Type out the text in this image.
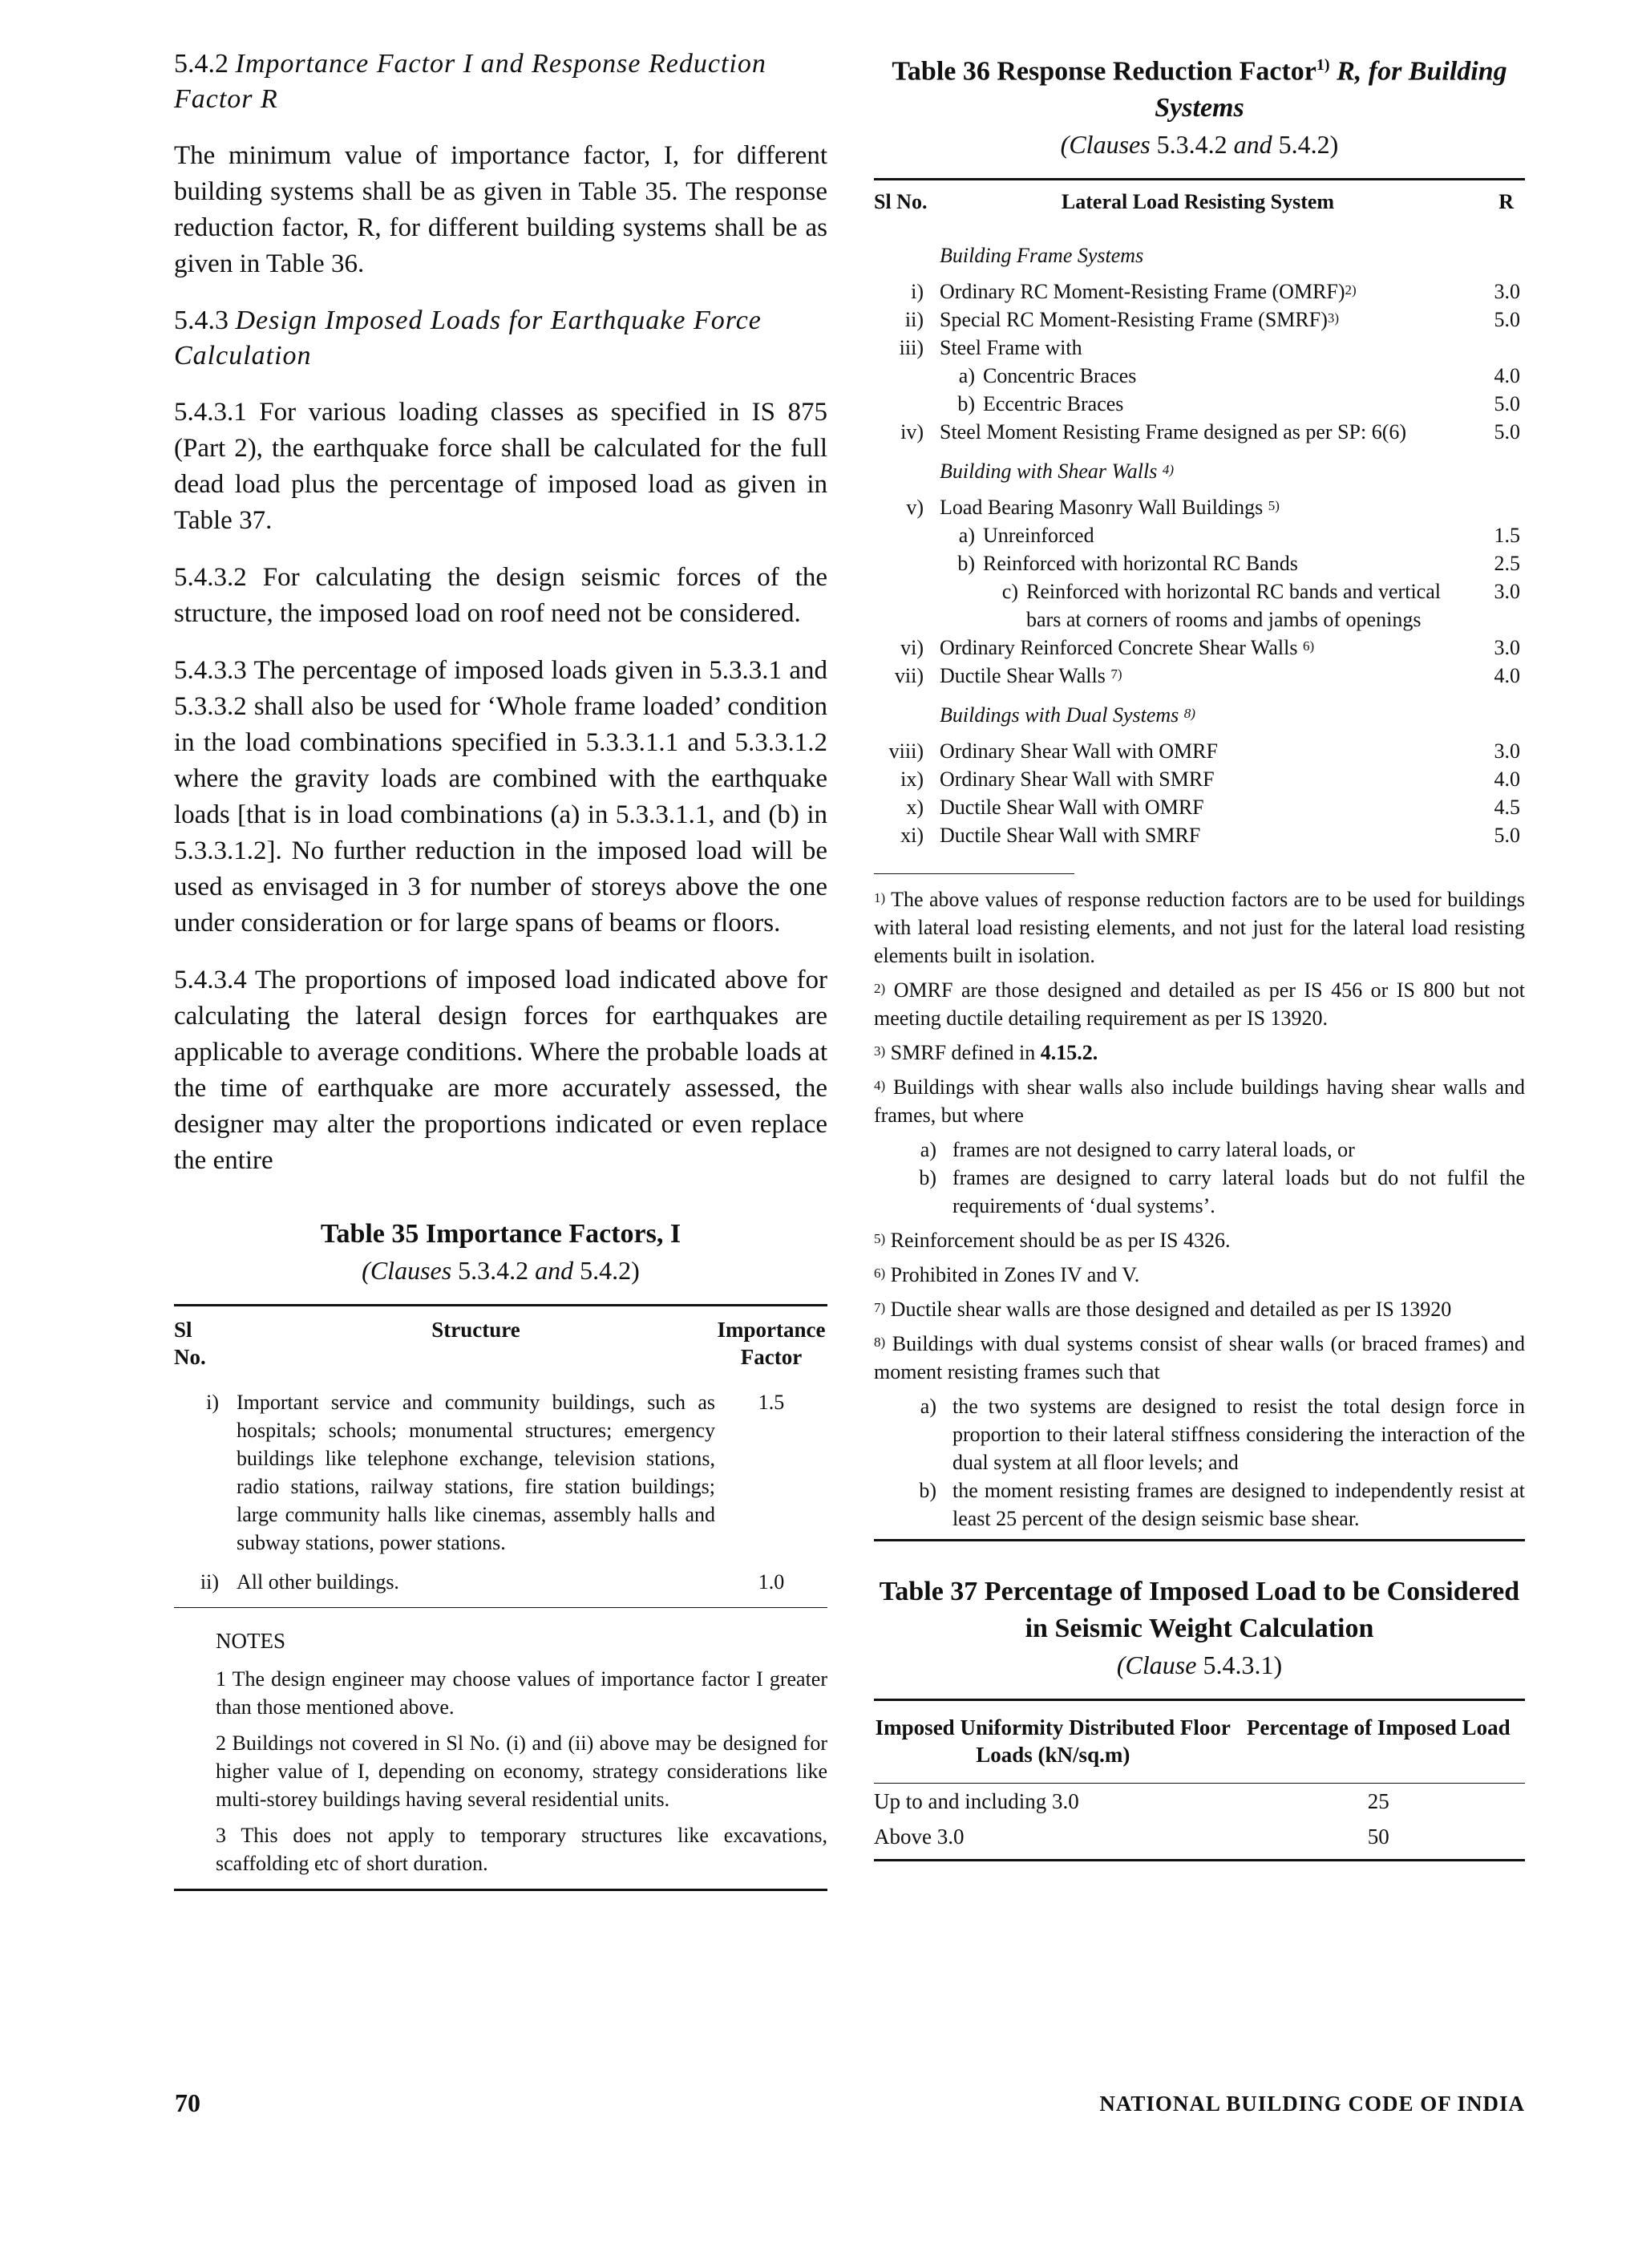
5.4.2 Importance Factor I and Response Reduction Factor R

The minimum value of importance factor, I, for different building systems shall be as given in Table 35. The response reduction factor, R, for different building systems shall be as given in Table 36.

5.4.3 Design Imposed Loads for Earthquake Force Calculation

5.4.3.1 For various loading classes as specified in IS 875 (Part 2), the earthquake force shall be calculated for the full dead load plus the percentage of imposed load as given in Table 37.

5.4.3.2 For calculating the design seismic forces of the structure, the imposed load on roof need not be considered.

5.4.3.3 The percentage of imposed loads given in 5.3.3.1 and 5.3.3.2 shall also be used for ‘Whole frame loaded’ condition in the load combinations specified in 5.3.3.1.1 and 5.3.3.1.2 where the gravity loads are combined with the earthquake loads [that is in load combinations (a) in 5.3.3.1.1, and (b) in 5.3.3.1.2]. No further reduction in the imposed load will be used as envisaged in 3 for number of storeys above the one under consideration or for large spans of beams or floors.

5.4.3.4 The proportions of imposed load indicated above for calculating the lateral design forces for earthquakes are applicable to average conditions. Where the probable loads at the time of earthquake are more accurately assessed, the designer may alter the proportions indicated or even replace the entire

Table 35 Importance Factors, I

(Clauses 5.3.4.2 and 5.4.2)

Sl No.	Structure	Importance Factor
i)	Important service and community buildings, such as hospitals; schools; monumental structures; emergency buildings like telephone exchange, television stations, radio stations, railway stations, fire station buildings; large community halls like cinemas, assembly halls and subway stations, power stations.	1.5
ii)	All other buildings.	1.0

NOTES

1 The design engineer may choose values of importance factor I greater than those mentioned above.

2 Buildings not covered in Sl No. (i) and (ii) above may be designed for higher value of I, depending on economy, strategy considerations like multi-storey buildings having several residential units.

3 This does not apply to temporary structures like excavations, scaffolding etc of short duration.

Table 36 Response Reduction Factor$^{1)}$ R, for Building Systems

(Clauses 5.3.4.2 and 5.4.2)

Sl No.	Lateral Load Resisting System	R
	Building Frame Systems	
i)	Ordinary RC Moment-Resisting Frame (OMRF)$^{2)}$	3.0
ii)	Special RC Moment-Resisting Frame (SMRF)$^{3)}$	5.0
iii)	Steel Frame with	
	a) Concentric Braces	4.0
	b) Eccentric Braces	5.0
iv)	Steel Moment Resisting Frame designed as per SP: 6(6)	5.0
	Building with Shear Walls $^{4)}$	
v)	Load Bearing Masonry Wall Buildings $^{5)}$	
	a) Unreinforced	1.5
	b) Reinforced with horizontal RC Bands	2.5

	c) Reinforced with horizontal RC bands and vertical bars at corners of rooms and jambs of openings	3.0
vi)	Ordinary Reinforced Concrete Shear Walls $^{6)}$	3.0
vii)	Ductile Shear Walls $^{7)}$	4.0
	Buildings with Dual Systems $^{8)}$	
viii)	Ordinary Shear Wall with OMRF	3.0
ix)	Ordinary Shear Wall with SMRF	4.0
x)	Ductile Shear Wall with OMRF	4.5
xi)	Ductile Shear Wall with SMRF	5.0

$^{1)}$ The above values of response reduction factors are to be used for buildings with lateral load resisting elements, and not just for the lateral load resisting elements built in isolation.

$^{2)}$ OMRF are those designed and detailed as per IS 456 or IS 800 but not meeting ductile detailing requirement as per IS 13920.

$^{3)}$ SMRF defined in 4.15.2.

$^{4)}$ Buildings with shear walls also include buildings having shear walls and frames, but where

a) frames are not designed to carry lateral loads, or
b) frames are designed to carry lateral loads but do not fulfil the requirements of ‘dual systems’.

$^{5)}$ Reinforcement should be as per IS 4326.

$^{6)}$ Prohibited in Zones IV and V.

$^{7)}$ Ductile shear walls are those designed and detailed as per IS 13920

$^{8)}$ Buildings with dual systems consist of shear walls (or braced frames) and moment resisting frames such that

a) the two systems are designed to resist the total design force in proportion to their lateral stiffness considering the interaction of the dual system at all floor levels; and
b) the moment resisting frames are designed to independently resist at least 25 percent of the design seismic base shear.

Table 37 Percentage of Imposed Load to be Considered in Seismic Weight Calculation

(Clause 5.4.3.1)

Imposed Uniformity Distributed Floor Loads (kN/sq.m)	Percentage of Imposed Load

Up to and including 3.0	25
Above 3.0	50
70	NATIONAL BUILDING CODE OF INDIA
